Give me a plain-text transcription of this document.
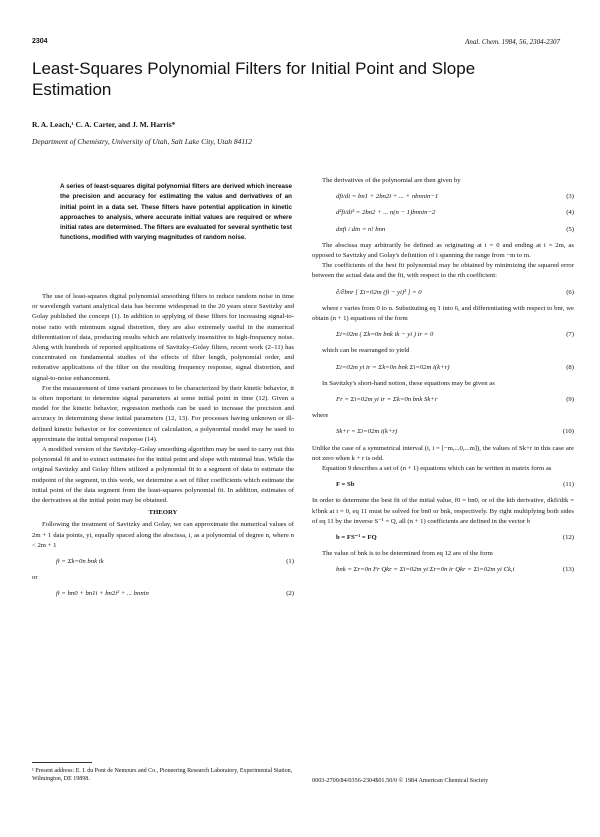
2304	Anal. Chem. 1984, 56, 2304-2307
Least-Squares Polynomial Filters for Initial Point and Slope Estimation
R. A. Leach,¹ C. A. Carter, and J. M. Harris*
Department of Chemistry, University of Utah, Salt Lake City, Utah 84112
A series of least-squares digital polynomial filters are derived which increase the precision and accuracy for estimating the value and derivatives of an initial point in a data set. These filters have potential application in kinetic approaches to analysis, where accurate initial values are required or where initial rates are determined. The filters are evaluated for several synthetic test functions, modified with varying magnitudes of random noise.

The use of least-squares digital polynomial smoothing filters to reduce random noise in time or wavelength variant analytical data has become widespread in the 20 years since Savitzky and Golay published the concept (1). In addition to applying of these filters for increasing signal-to-noise ratio with minimum signal distortion, they are also extremely useful in the numerical differentiation of data, producing results which are relatively insensitive to high-frequency noise. Along with hundreds of reported applications of Savitzky–Golay filters, recent work (2–11) has concentrated on fundamental studies of the effects of filter length, polynomial order, and reiterative applications of the filter on the resulting frequency response, signal distortion, and signal-to-noise enhancement.

For the measurement of time variant processes to be characterized by their kinetic behavior, it is often important to determine signal parameters at some initial point in time (12). Given a model for the kinetic behavior, regression methods can be used to increase the precision and accuracy in determining these initial parameters (12, 13). For processes having unknown or ill-defined kinetic behavior or for convenience of calculation, a polynomial model may be used to approximate the initial temporal response (14).

A modified version of the Savitzky–Golay smoothing algorithm may be used to carry out this polynomial fit and to extract estimates for the initial point and slope with minimal bias. While the original Savitzky and Golay filters utilized a polynomial fit to a segment of data to estimate the midpoint of the segment, in this work, we determine a set of filter coefficients which estimate the initial point of the data segment from the least-squares polynomial fit. In addition, estimates of the derivatives at the initial point may be obtained.

THEORY

Following the treatment of Savitzky and Golay, we can approximate the numerical values of 2m + 1 data points, yi, equally spaced along the abscissa, i, as a polynomial of degree n, where n < 2m + 1

fi = Σk=0n bnk ik	(1)
or
fi = bn0 + bn1i + bn2i² + ... bnnin	(2)
¹ Present address: E. I. du Pont de Nemours and Co., Pioneering Research Laboratory, Experimental Station, Wilmington, DE 19898.

The derivatives of the polynomial are then given by

dfi/di = bn1 + 2bn2i + ... + nbnnin−1	(3)
d²fi/di² = 2bn2 + ... n(n − 1)bnnin−2	(4)
dnfi / din = n! bnn	(5)

The abscissa may arbitrarily be defined as originating at i = 0 and ending at i = 2m, as opposed to Savitzky and Golay's definition of i spanning the range from −m to m.

The coefficients of the best fit polynomial may be obtained by minimizing the squared error between the actual data and the fit, with respect to the rth coefficient:

∂/∂bnr [ Σi=02m (fi − yi)² ] = 0	(6)

where r varies from 0 to n. Substituting eq 1 into 6, and differentiating with respect to bnr, we obtain (n + 1) equations of the form

Σi=02m ( Σk=0n bnk ik − yi ) ir = 0	(7)

which can be rearranged to yield

Σi=02m yi ir = Σk=0n bnk Σi=02m i(k+r)	(8)

In Savitzky's short-hand notion, these equations may be given as

Fr = Σi=02m yi ir = Σk=0n bnk Sk+r	(9)

where

Sk+r = Σi=02m i(k+r)	(10)

Unlike the case of a symmetrical interval (i, i = [−m,...0,...m]), the values of Sk+r in this case are not zero when k + r is odd.

Equation 9 describes a set of (n + 1) equations which can be written in matrix form as

F = Sb	(11)

In order to determine the best fit of the initial value, f0 = bn0, or of the kth derivative, dkfi/dik = k!bnk at i = 0, eq 11 must be solved for bn0 or bnk, respectively. By right multiplying both sides of eq 11 by the inverse S⁻¹ = Q, all (n + 1) coefficients are defined in the vector b

b = FS⁻¹ = FQ	(12)

The value of bnk is to be determined from eq 12 are of the form

bnk = Σr=0n Fr Qkr = Σi=02m yi Σr=0n ir Qkr = Σi=02m yi Ck,i	(13)
0003-2700/84/0356-2304$01.50/0 © 1984 American Chemical Society
